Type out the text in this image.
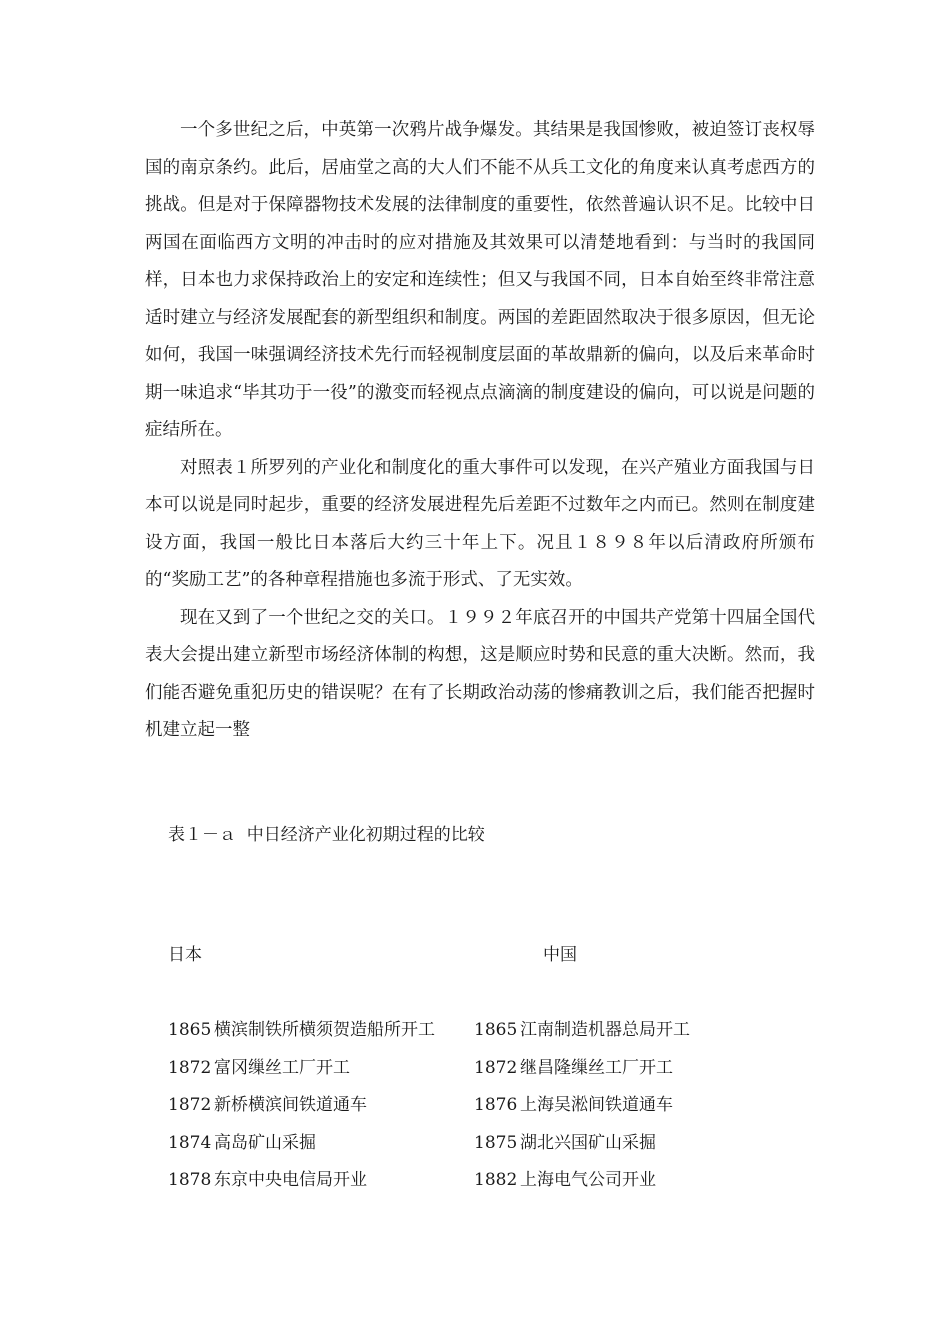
一个多世纪之后，中英第一次鸦片战争爆发。其结果是我国惨败，被迫签订丧权辱国的南京条约。此后，居庙堂之高的大人们不能不从兵工文化的角度来认真考虑西方的挑战。但是对于保障器物技术发展的法律制度的重要性，依然普遍认识不足。比较中日两国在面临西方文明的冲击时的应对措施及其效果可以清楚地看到：与当时的我国同样，日本也力求保持政治上的安定和连续性；但又与我国不同，日本自始至终非常注意适时建立与经济发展配套的新型组织和制度。两国的差距固然取决于很多原因，但无论如何，我国一味强调经济技术先行而轻视制度层面的革故鼎新的偏向，以及后来革命时期一味追求“毕其功于一役”的激变而轻视点点滴滴的制度建设的偏向，可以说是问题的症结所在。

对照表１所罗列的产业化和制度化的重大事件可以发现，在兴产殖业方面我国与日本可以说是同时起步，重要的经济发展进程先后差距不过数年之内而已。然则在制度建设方面，我国一般比日本落后大约三十年上下。况且１８９８年以后清政府所颁布的“奖励工艺”的各种章程措施也多流于形式、了无实效。

现在又到了一个世纪之交的关口。１９９２年底召开的中国共产党第十四届全国代表大会提出建立新型市场经济体制的构想，这是顺应时势和民意的重大决断。然而，我们能否避免重犯历史的错误呢？在有了长期政治动荡的惨痛教训之后，我们能否把握时机建立起一整

表１－ａ  中日经济产业化初期过程的比较
日本	中国
1865 横滨制铁所横须贺造船所开工 1865 江南制造机器总局开工
1872 富冈缫丝工厂开工	1872 继昌隆缫丝工厂开工
1872 新桥横滨间铁道通车	1876 上海吴淞间铁道通车
1874 高岛矿山采掘	1875 湖北兴国矿山采掘
1878 东京中央电信局开业	1882 上海电气公司开业
